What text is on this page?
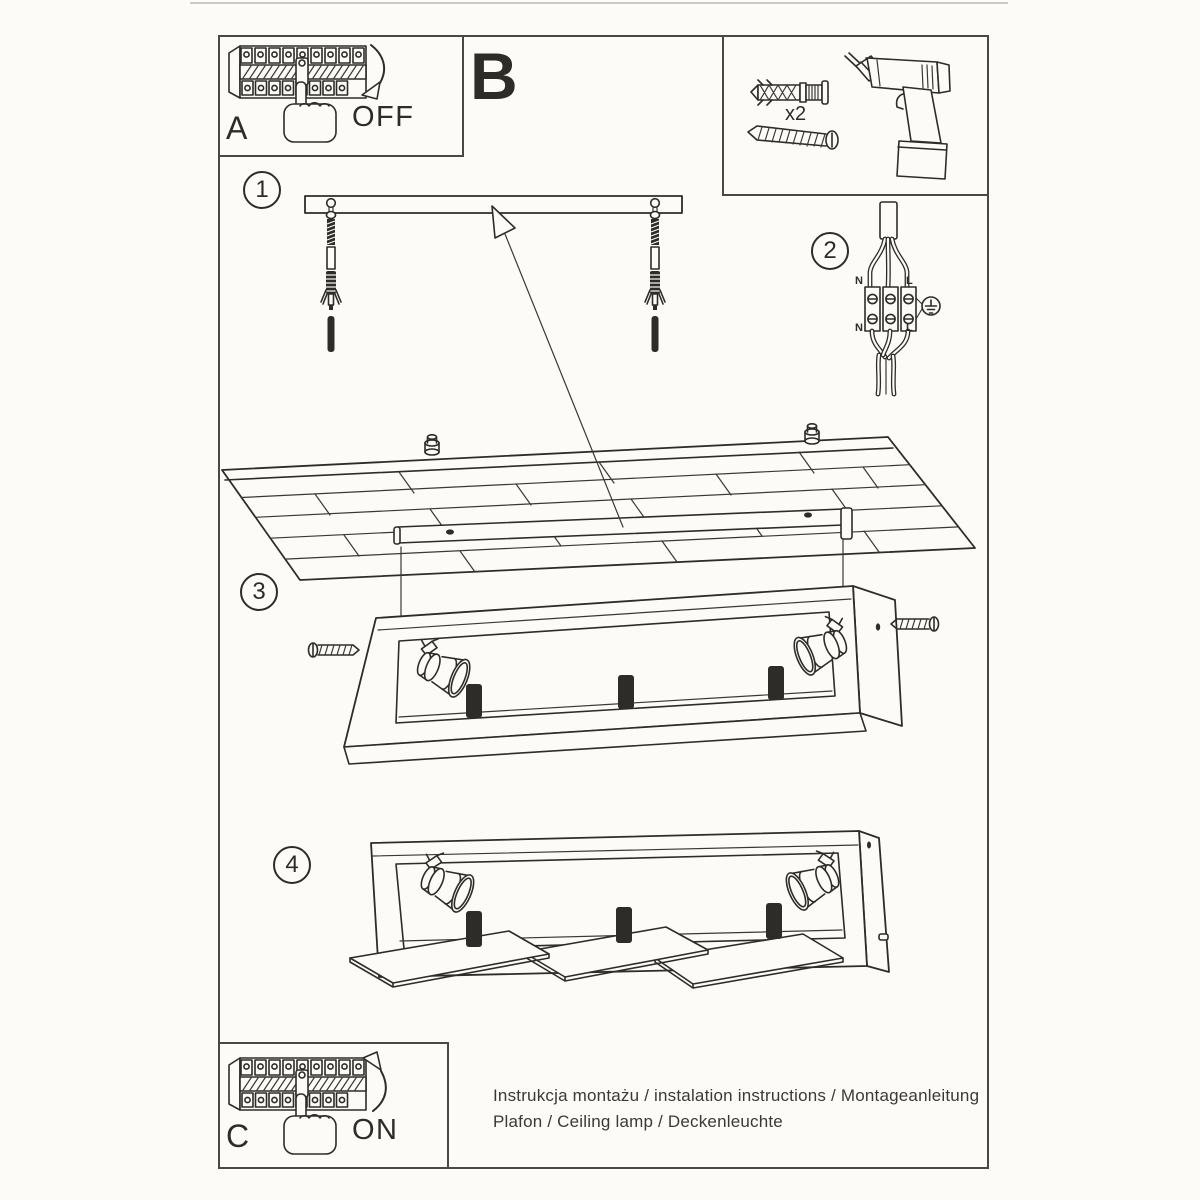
A	OFF
B
x2
1
2
3
4
N	L
N	L
C	ON
Instrukcja montażu / instalation instructions / Montageanleitung
Plafon / Ceiling lamp / Deckenleuchte
